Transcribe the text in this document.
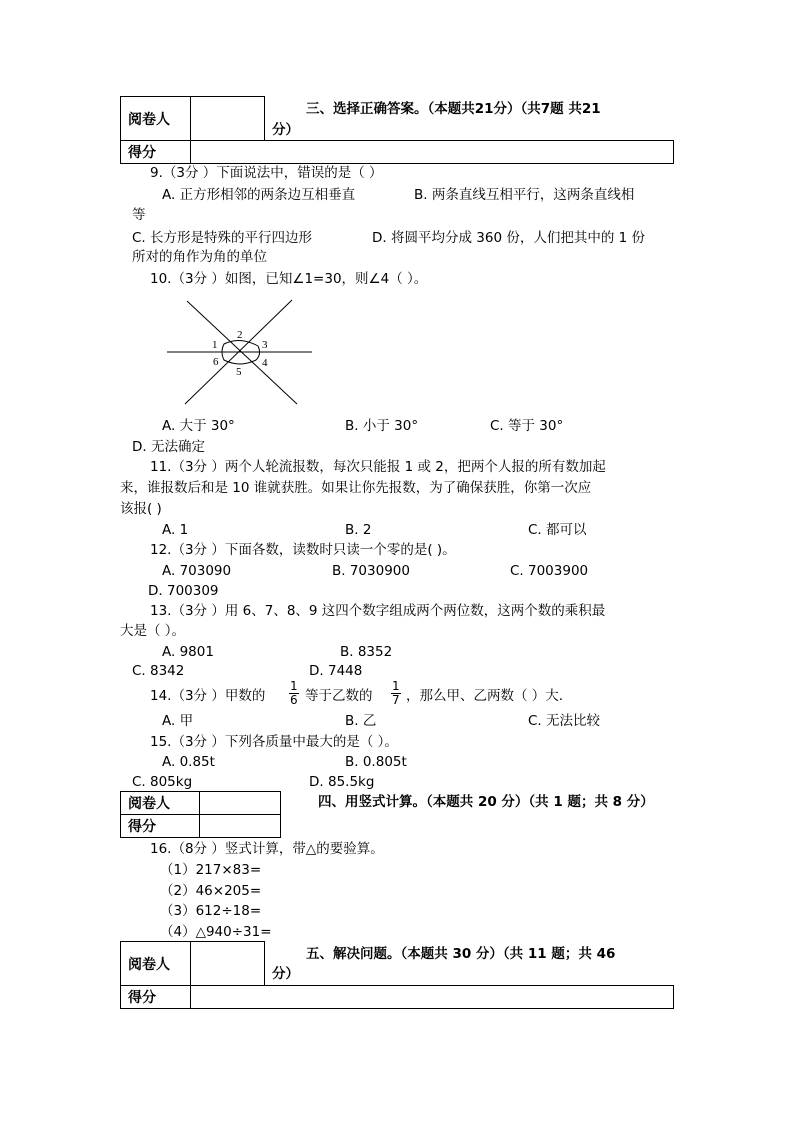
阅卷人		
得分		
三、选择正确答案。（本题共21分）（共7题 共21
分）
9.（3分 ）下面说法中，错误的是（ ）
A. 正方形相邻的两条边互相垂直	B. 两条直线互相平行，这两条直线相
等
C. 长方形是特殊的平行四边形	D. 将圆平均分成 360 份，人们把其中的 1 份
所对的角作为角的单位
10.（3分 ）如图，已知∠1=30，则∠4（ ）。
1
2
3
4
5
6
A. 大于 30°	B. 小于 30°	C. 等于 30°
D. 无法确定
11.（3分 ）两个人轮流报数，每次只能报 1 或 2，把两个人报的所有数加起
来，谁报数后和是 10 谁就获胜。如果让你先报数，为了确保获胜，你第一次应
该报( )
A. 1	B. 2	C. 都可以
12.（3分 ）下面各数，读数时只读一个零的是( )。
A. 703090	B. 7030900	C. 7003900
D. 700309
13.（3分 ）用 6、7、8、9 这四个数字组成两个两位数，这两个数的乘积最
大是（ ）。
A. 9801	B. 8352
C. 8342	D. 7448
14.（3分 ）甲数的 $\frac{1}{6}$ 等于乙数的 $\frac{1}{7}$ ，那么甲、乙两数（ ）大.
A. 甲	B. 乙	C. 无法比较
15.（3分 ）下列各质量中最大的是（ ）。
A. 0.85t	B. 0.805t
C. 805kg	D. 85.5kg
阅卷人	
得分	
四、用竖式计算。（本题共 20 分）（共 1 题；共 8 分）
16.（8分 ）竖式计算，带△的要验算。
（1）217×83=
（2）46×205=
（3）612÷18=
（4）△940÷31=
阅卷人		
得分		
五、解决问题。（本题共 30 分）（共 11 题；共 46
分）
